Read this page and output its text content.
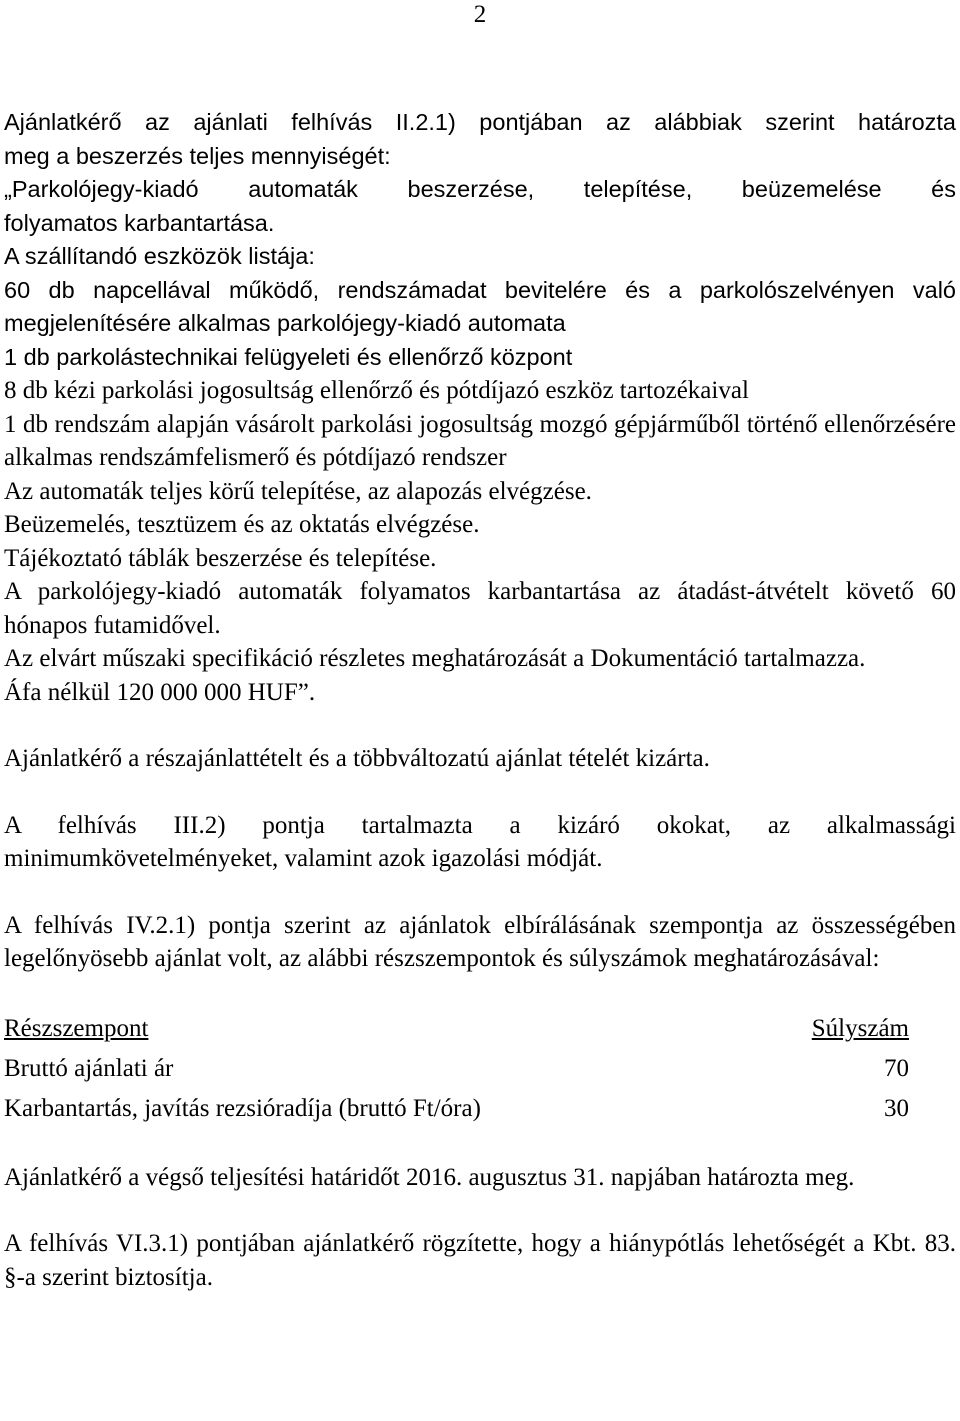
2

Ajánlatkérő az ajánlati felhívás II.2.1) pontjában az alábbiak szerint határozta

meg a beszerzés teljes mennyiségét:

„Parkolójegy-kiadó automaták beszerzése, telepítése, beüzemelése és

folyamatos karbantartása.

A szállítandó eszközök listája:

60 db napcellával működő, rendszámadat bevitelére és a parkolószelvényen való megjelenítésére alkalmas parkolójegy-kiadó automata

1 db parkolástechnikai felügyeleti és ellenőrző központ

8 db kézi parkolási jogosultság ellenőrző és pótdíjazó eszköz tartozékaival

1 db rendszám alapján vásárolt parkolási jogosultság mozgó gépjárműből történő ellenőrzésére alkalmas rendszámfelismerő és pótdíjazó rendszer

Az automaták teljes körű telepítése, az alapozás elvégzése.

Beüzemelés, tesztüzem és az oktatás elvégzése.

Tájékoztató táblák beszerzése és telepítése.

A parkolójegy-kiadó automaták folyamatos karbantartása az átadást-átvételt követő 60 hónapos futamidővel.

Az elvárt műszaki specifikáció részletes meghatározását a Dokumentáció tartalmazza.

Áfa nélkül 120 000 000 HUF”.

Ajánlatkérő a részajánlattételt és a többváltozatú ajánlat tételét kizárta.

A felhívás III.2) pontja tartalmazta a kizáró okokat, az alkalmassági minimumkövetelményeket, valamint azok igazolási módját.

A felhívás IV.2.1) pontja szerint az ajánlatok elbírálásának szempontja az összességében legelőnyösebb ajánlat volt, az alábbi részszempontok és súlyszámok meghatározásával:

Részszempont	Súlyszám
Bruttó ajánlati ár	70
Karbantartás, javítás rezsióradíja (bruttó Ft/óra)	30

Ajánlatkérő a végső teljesítési határidőt 2016. augusztus 31. napjában határozta meg.

A felhívás VI.3.1) pontjában ajánlatkérő rögzítette, hogy a hiánypótlás lehetőségét a Kbt. 83. §-a szerint biztosítja.
